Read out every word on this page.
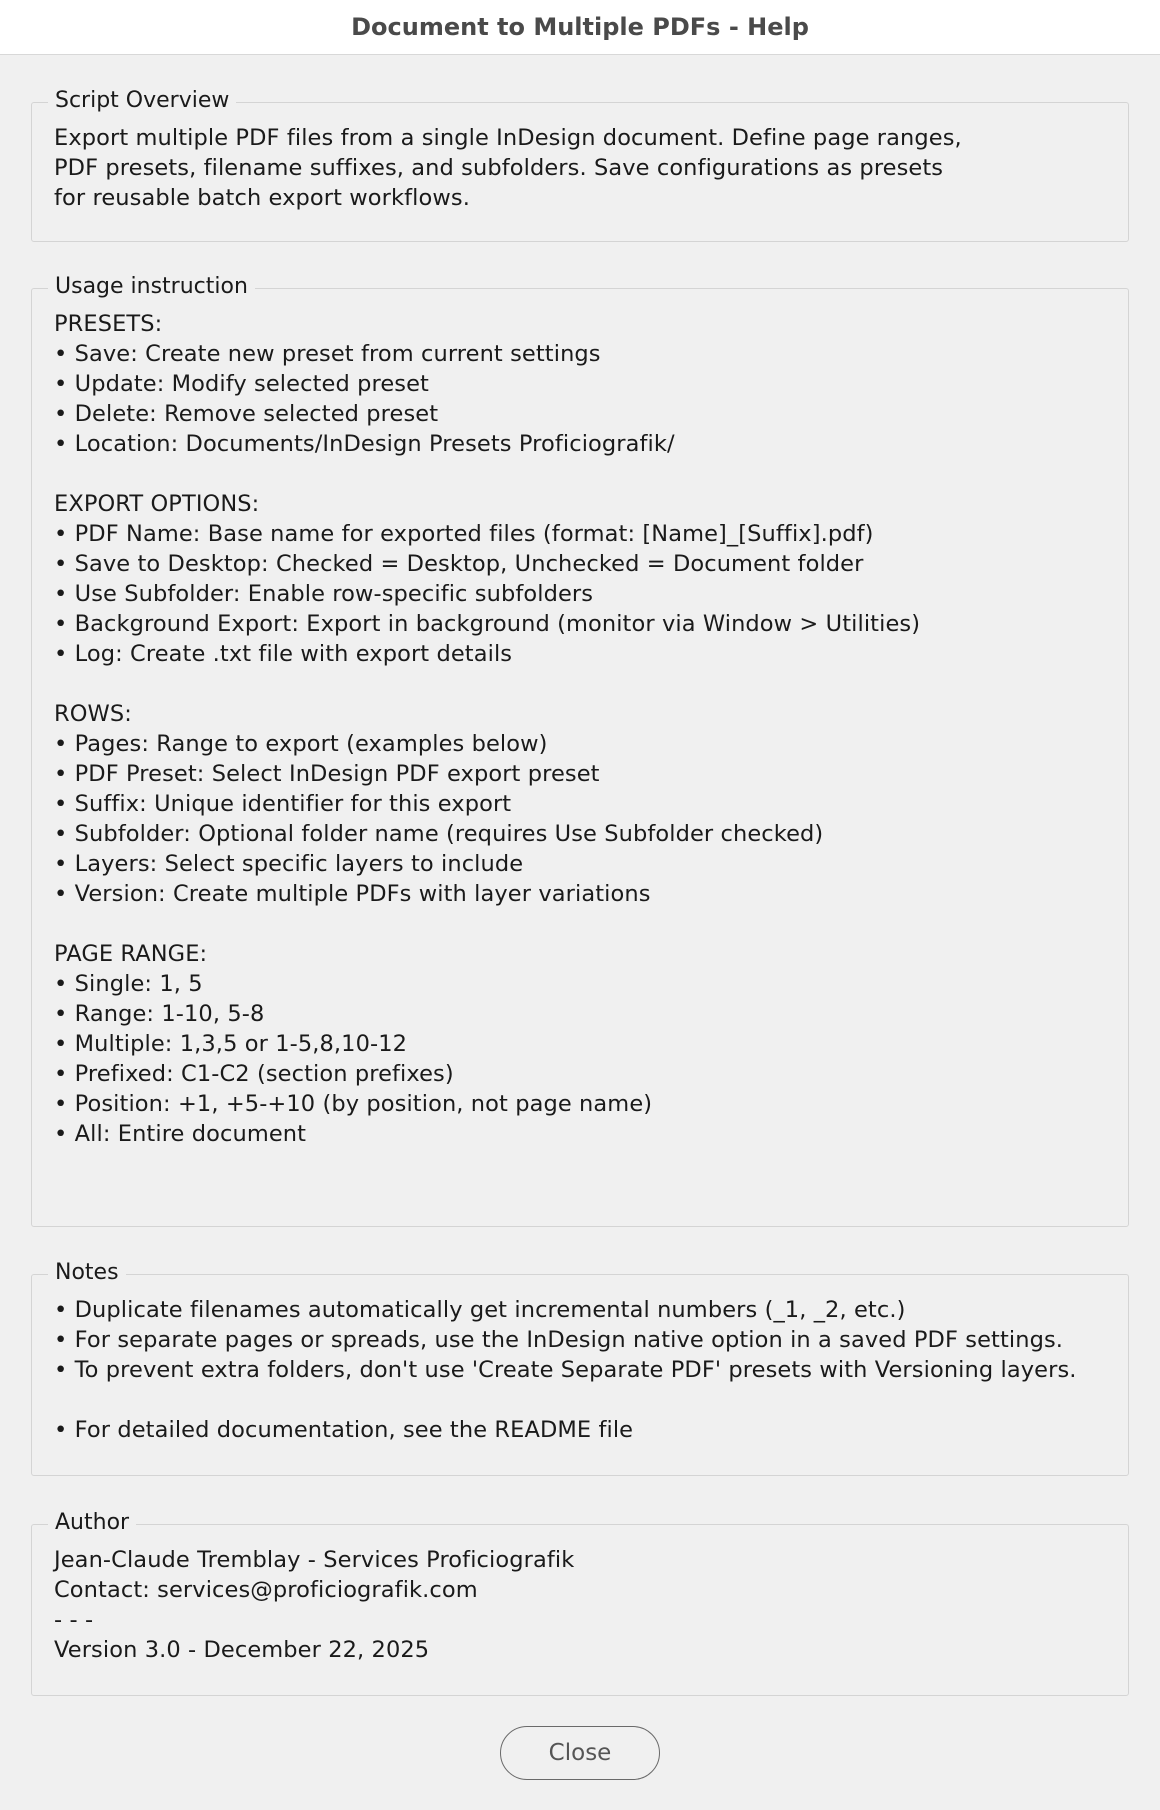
Document to Multiple PDFs - Help
Script Overview
Export multiple PDF files from a single InDesign document. Define page ranges,
PDF presets, filename suffixes, and subfolders. Save configurations as presets
for reusable batch export workflows.
Usage instruction
PRESETS:
• Save: Create new preset from current settings
• Update: Modify selected preset
• Delete: Remove selected preset
• Location: Documents/InDesign Presets Proficiografik/

EXPORT OPTIONS:
• PDF Name: Base name for exported files (format: [Name]_[Suffix].pdf)
• Save to Desktop: Checked = Desktop, Unchecked = Document folder
• Use Subfolder: Enable row-specific subfolders
• Background Export: Export in background (monitor via Window > Utilities)
• Log: Create .txt file with export details

ROWS:
• Pages: Range to export (examples below)
• PDF Preset: Select InDesign PDF export preset
• Suffix: Unique identifier for this export
• Subfolder: Optional folder name (requires Use Subfolder checked)
• Layers: Select specific layers to include
• Version: Create multiple PDFs with layer variations

PAGE RANGE:
• Single: 1, 5
• Range: 1-10, 5-8
• Multiple: 1,3,5 or 1-5,8,10-12
• Prefixed: C1-C2 (section prefixes)
• Position: +1, +5-+10 (by position, not page name)
• All: Entire document
Notes
• Duplicate filenames automatically get incremental numbers (_1, _2, etc.)
• For separate pages or spreads, use the InDesign native option in a saved PDF settings.
• To prevent extra folders, don't use 'Create Separate PDF' presets with Versioning layers.

• For detailed documentation, see the README file
Author
Jean-Claude Tremblay - Services Proficiografik
Contact: services@proficiografik.com
- - -
Version 3.0 - December 22, 2025
Close
